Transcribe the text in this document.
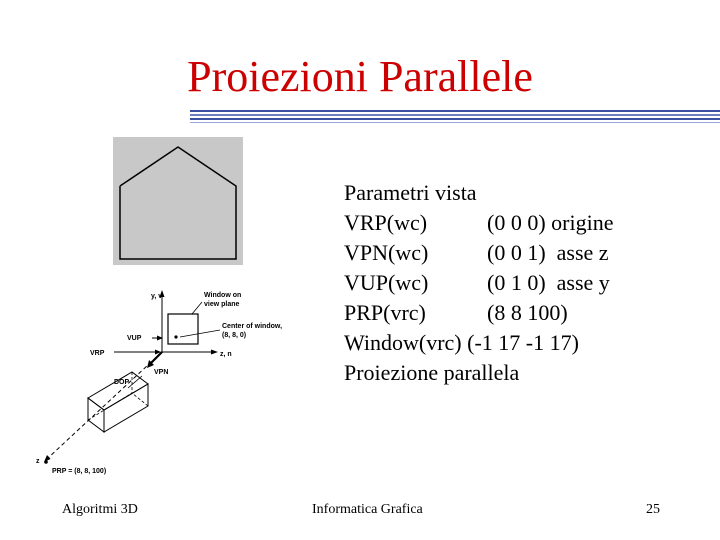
Proiezioni Parallele
y, v	Window on
view plane
Center of window,
(8, 8, 0)
VUP
VRP	z, n
VPN
DOP
z
PRP = (8, 8, 100)
Parametri vista
VRP(wc)	(0 0 0) origine
VPN(wc)	(0 0 1)  asse z
VUP(wc)	(0 1 0)  asse y
PRP(vrc)	(8 8 100)
Window(vrc) (-1 17 -1 17)
Proiezione parallela
Algoritmi 3D	Informatica Grafica	25
